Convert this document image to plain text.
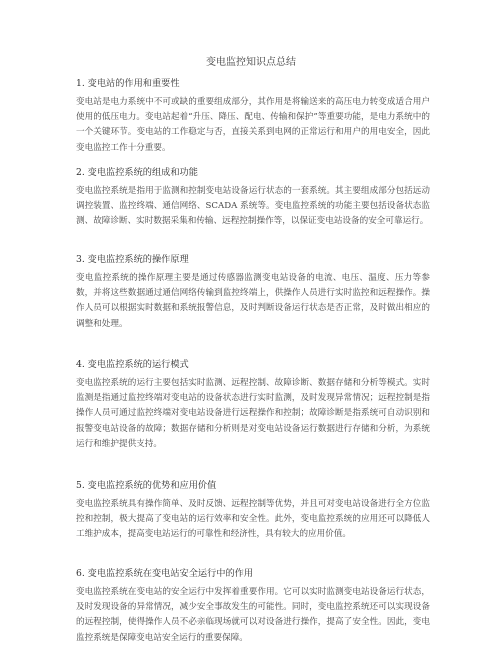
变电监控知识点总结
1. 变电站的作用和重要性

变电站是电力系统中不可或缺的重要组成部分，其作用是将输送来的高压电力转变成适合用户使用的低压电力。变电站起着“升压、降压、配电、传输和保护”等重要功能，是电力系统中的一个关键环节。变电站的工作稳定与否，直接关系到电网的正常运行和用户的用电安全，因此变电监控工作十分重要。

2. 变电监控系统的组成和功能

变电监控系统是指用于监测和控制变电站设备运行状态的一套系统。其主要组成部分包括远动调控装置、监控终端、通信网络、SCADA 系统等。变电监控系统的功能主要包括设备状态监测、故障诊断、实时数据采集和传输、远程控制操作等，以保证变电站设备的安全可靠运行。

3. 变电监控系统的操作原理

变电监控系统的操作原理主要是通过传感器监测变电站设备的电流、电压、温度、压力等参数，并将这些数据通过通信网络传输到监控终端上，供操作人员进行实时监控和远程操作。操作人员可以根据实时数据和系统报警信息，及时判断设备运行状态是否正常，及时做出相应的调整和处理。

4. 变电监控系统的运行模式

变电监控系统的运行主要包括实时监测、远程控制、故障诊断、数据存储和分析等模式。实时监测是指通过监控终端对变电站的设备状态进行实时监测，及时发现异常情况；远程控制是指操作人员可通过监控终端对变电站设备进行远程操作和控制；故障诊断是指系统可自动识别和报警变电站设备的故障；数据存储和分析则是对变电站设备运行数据进行存储和分析，为系统运行和维护提供支持。

5. 变电监控系统的优势和应用价值

变电监控系统具有操作简单、及时反馈、远程控制等优势，并且可对变电站设备进行全方位监控和控制，极大提高了变电站的运行效率和安全性。此外，变电监控系统的应用还可以降低人工维护成本，提高变电站运行的可靠性和经济性，具有较大的应用价值。

6. 变电监控系统在变电站安全运行中的作用

变电监控系统在变电站的安全运行中发挥着重要作用。它可以实时监测变电站设备运行状态，及时发现设备的异常情况，减少安全事故发生的可能性。同时，变电监控系统还可以实现设备的远程控制，使得操作人员不必亲临现场就可以对设备进行操作，提高了安全性。因此，变电监控系统是保障变电站安全运行的重要保障。
